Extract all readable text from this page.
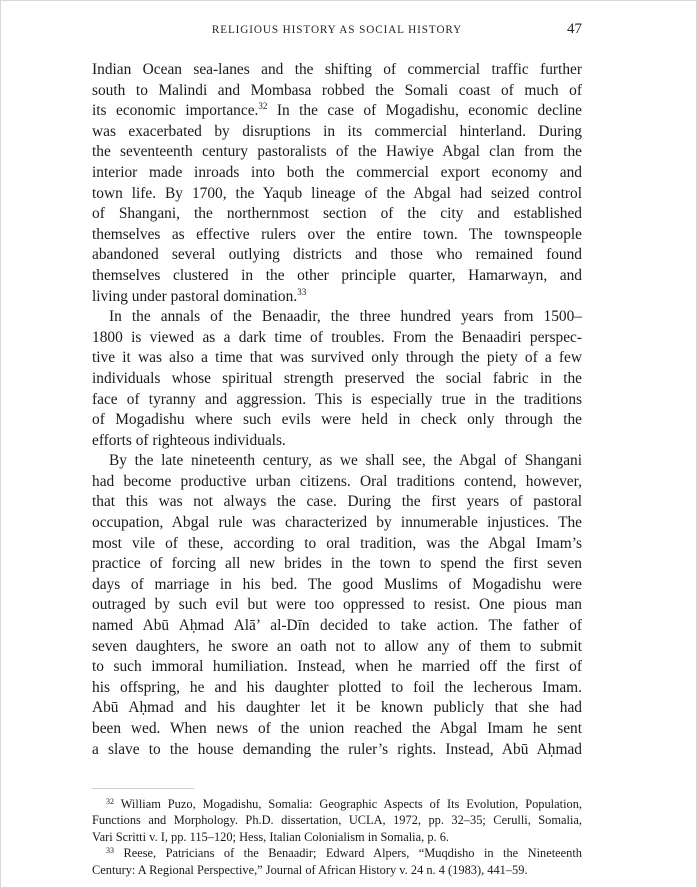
RELIGIOUS HISTORY AS SOCIAL HISTORY	47
Indian Ocean sea-lanes and the shifting of commercial traffic further
south to Malindi and Mombasa robbed the Somali coast of much of
its economic importance.$^{32}$ In the case of Mogadishu, economic decline
was exacerbated by disruptions in its commercial hinterland. During
the seventeenth century pastoralists of the Hawiye Abgal clan from the
interior made inroads into both the commercial export economy and
town life. By 1700, the Yaqub lineage of the Abgal had seized control
of Shangani, the northernmost section of the city and established
themselves as effective rulers over the entire town. The townspeople
abandoned several outlying districts and those who remained found
themselves clustered in the other principle quarter, Hamarwayn, and
living under pastoral domination.$^{33}$
In the annals of the Benaadir, the three hundred years from 1500–
1800 is viewed as a dark time of troubles. From the Benaadiri perspec-
tive it was also a time that was survived only through the piety of a few
individuals whose spiritual strength preserved the social fabric in the
face of tyranny and aggression. This is especially true in the traditions
of Mogadishu where such evils were held in check only through the
efforts of righteous individuals.
By the late nineteenth century, as we shall see, the Abgal of Shangani
had become productive urban citizens. Oral traditions contend, however,
that this was not always the case. During the first years of pastoral
occupation, Abgal rule was characterized by innumerable injustices. The
most vile of these, according to oral tradition, was the Abgal Imam’s
practice of forcing all new brides in the town to spend the first seven
days of marriage in his bed. The good Muslims of Mogadishu were
outraged by such evil but were too oppressed to resist. One pious man
named Abū Aḥmad Alā’ al-Dīn decided to take action. The father of
seven daughters, he swore an oath not to allow any of them to submit
to such immoral humiliation. Instead, when he married off the first of
his offspring, he and his daughter plotted to foil the lecherous Imam.
Abū Aḥmad and his daughter let it be known publicly that she had
been wed. When news of the union reached the Abgal Imam he sent
a slave to the house demanding the ruler’s rights. Instead, Abū Aḥmad
$^{32}$ William Puzo, Mogadishu, Somalia: Geographic Aspects of Its Evolution, Population,
Functions and Morphology. Ph.D. dissertation, UCLA, 1972, pp. 32–35; Cerulli, Somalia,
Vari Scritti v. I, pp. 115–120; Hess, Italian Colonialism in Somalia, p. 6.
$^{33}$ Reese, Patricians of the Benaadir; Edward Alpers, “Muqdisho in the Nineteenth
Century: A Regional Perspective,” Journal of African History v. 24 n. 4 (1983), 441–59.
